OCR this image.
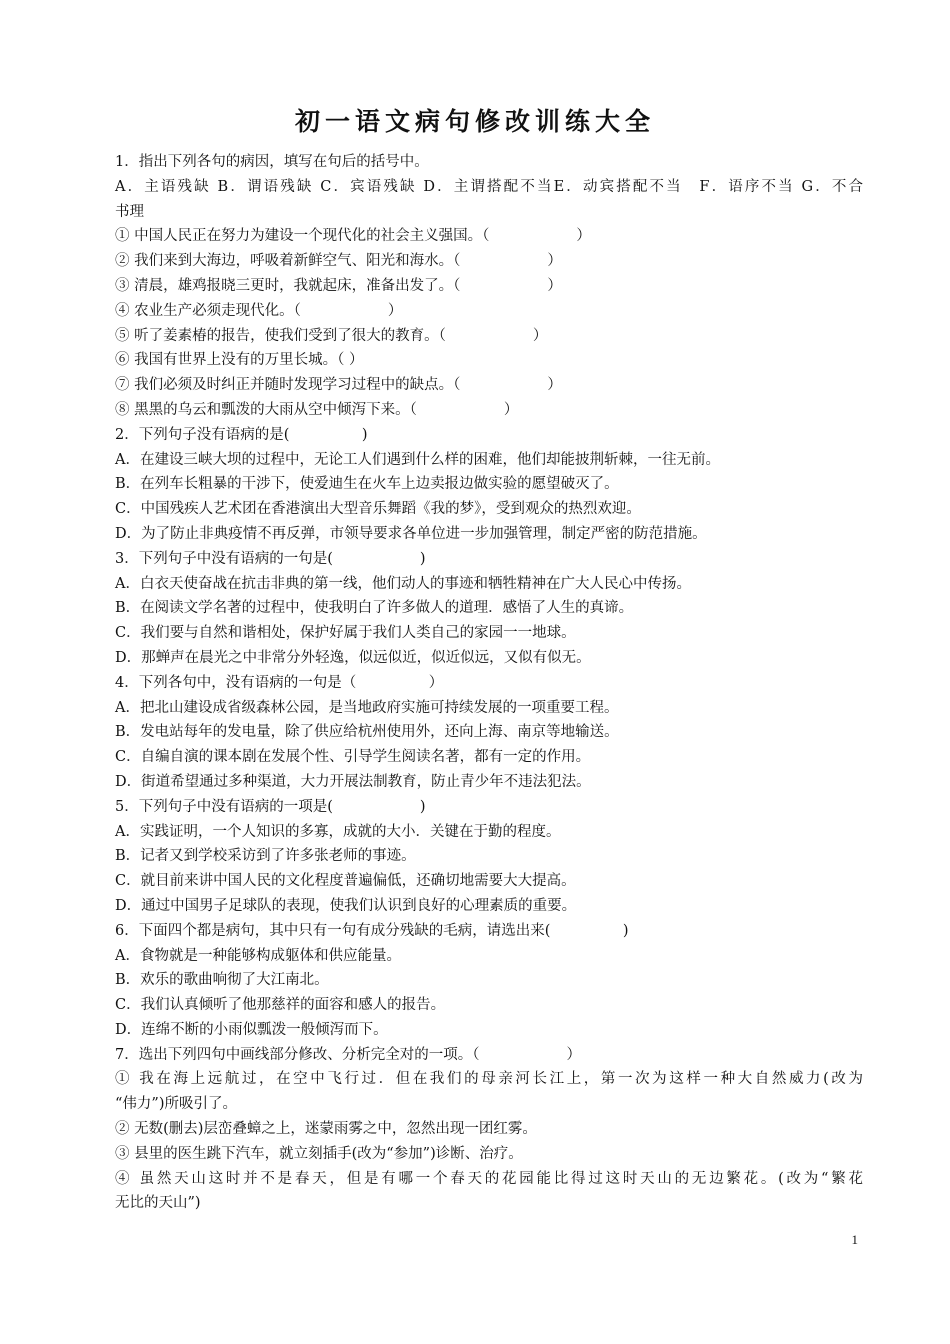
初一语文病句修改训练大全
1．指出下列各句的病因，填写在句后的括号中。
A．主语残缺 B．谓语残缺 C．宾语残缺 D．主谓搭配不当E．动宾搭配不当　F．语序不当 G．不合
书理
① 中国人民正在努力为建设一个现代化的社会主义强国。（　　　　　　）
② 我们来到大海边，呼吸着新鲜空气、阳光和海水。（　　　　　　）
③ 清晨，雄鸡报晓三更时，我就起床，准备出发了。（　　　　　　）
④ 农业生产必须走现代化。（　　　　　　）
⑤ 听了姜素椿的报告，使我们受到了很大的教育。（　　　　　　）
⑥ 我国有世界上没有的万里长城。（ ）
⑦ 我们必须及时纠正并随时发现学习过程中的缺点。（　　　　　　）
⑧ 黑黑的乌云和瓢泼的大雨从空中倾泻下来。（　　　　　　）
2．下列句子没有语病的是(　　　　　)
A．在建设三峡大坝的过程中，无论工人们遇到什么样的困难，他们却能披荆斩棘，一往无前。
B．在列车长粗暴的干涉下，使爱迪生在火车上边卖报边做实验的愿望破灭了。
C．中国残疾人艺术团在香港演出大型音乐舞蹈《我的梦》，受到观众的热烈欢迎。
D．为了防止非典疫情不再反弹，市领导要求各单位进一步加强管理，制定严密的防范措施。
3．下列句子中没有语病的一句是(　　　　　　)
A．白衣天使奋战在抗击非典的第一线，他们动人的事迹和牺牲精神在广大人民心中传扬。
B．在阅读文学名著的过程中，使我明白了许多做人的道理．感悟了人生的真谛。
C．我们要与自然和谐相处，保护好属于我们人类自己的家园一一地球。
D．那蝉声在晨光之中非常分外轻逸，似远似近，似近似远，又似有似无。
4．下列各句中，没有语病的一句是（　　　　　）
A．把北山建设成省级森林公园，是当地政府实施可持续发展的一项重要工程。
B．发电站每年的发电量，除了供应给杭州使用外，还向上海、南京等地输送。
C．自编自演的课本剧在发展个性、引导学生阅读名著，都有一定的作用。
D．街道希望通过多种渠道，大力开展法制教育，防止青少年不违法犯法。
5．下列句子中没有语病的一项是(　　　　　　)
A．实践证明，一个人知识的多寡，成就的大小．关键在于勤的程度。
B．记者又到学校采访到了许多张老师的事迹。
C．就目前来讲中国人民的文化程度普遍偏低，还确切地需要大大提高。
D．通过中国男子足球队的表现，使我们认识到良好的心理素质的重要。
6．下面四个都是病句，其中只有一句有成分残缺的毛病，请选出来(　　　　　)
A．食物就是一种能够构成躯体和供应能量。
B．欢乐的歌曲响彻了大江南北。
C．我们认真倾听了他那慈祥的面容和感人的报告。
D．连绵不断的小雨似瓢泼一般倾泻而下。
7．选出下列四句中画线部分修改、分析完全对的一项。（　　　　　　）
① 我在海上远航过，在空中飞行过．但在我们的母亲河长江上，第一次为这样一种大自然威力(改为
“伟力”)所吸引了。
② 无数(删去)层峦叠蟑之上，迷蒙雨雾之中，忽然出现一团红雾。
③ 县里的医生跳下汽车，就立刻插手(改为“参加”)诊断、治疗。
④ 虽然天山这时并不是春天，但是有哪一个春天的花园能比得过这时天山的无边繁花。(改为“繁花
无比的天山”)
1
